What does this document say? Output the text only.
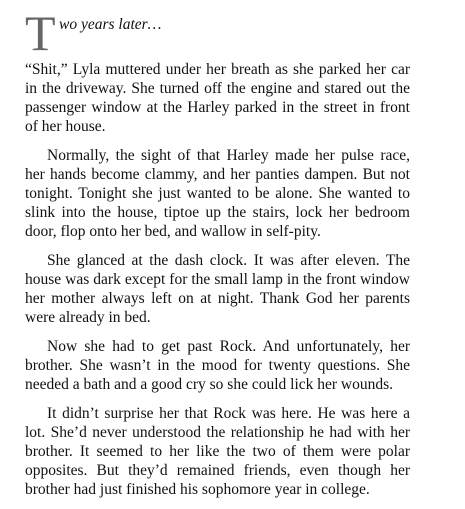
T wo years later…

“Shit,” Lyla muttered under her breath as she parked her car in the driveway. She turned off the engine and stared out the passenger window at the Harley parked in the street in front of her house.

Normally, the sight of that Harley made her pulse race, her hands become clammy, and her panties dampen. But not tonight. Tonight she just wanted to be alone. She wanted to slink into the house, tiptoe up the stairs, lock her bedroom door, flop onto her bed, and wallow in self-pity.

She glanced at the dash clock. It was after eleven. The house was dark except for the small lamp in the front window her mother always left on at night. Thank God her parents were already in bed.

Now she had to get past Rock. And unfortunately, her brother. She wasn’t in the mood for twenty questions. She needed a bath and a good cry so she could lick her wounds.

It didn’t surprise her that Rock was here. He was here a lot. She’d never understood the relationship he had with her brother. It seemed to her like the two of them were polar opposites. But they’d remained friends, even though her brother had just finished his sophomore year in college.
